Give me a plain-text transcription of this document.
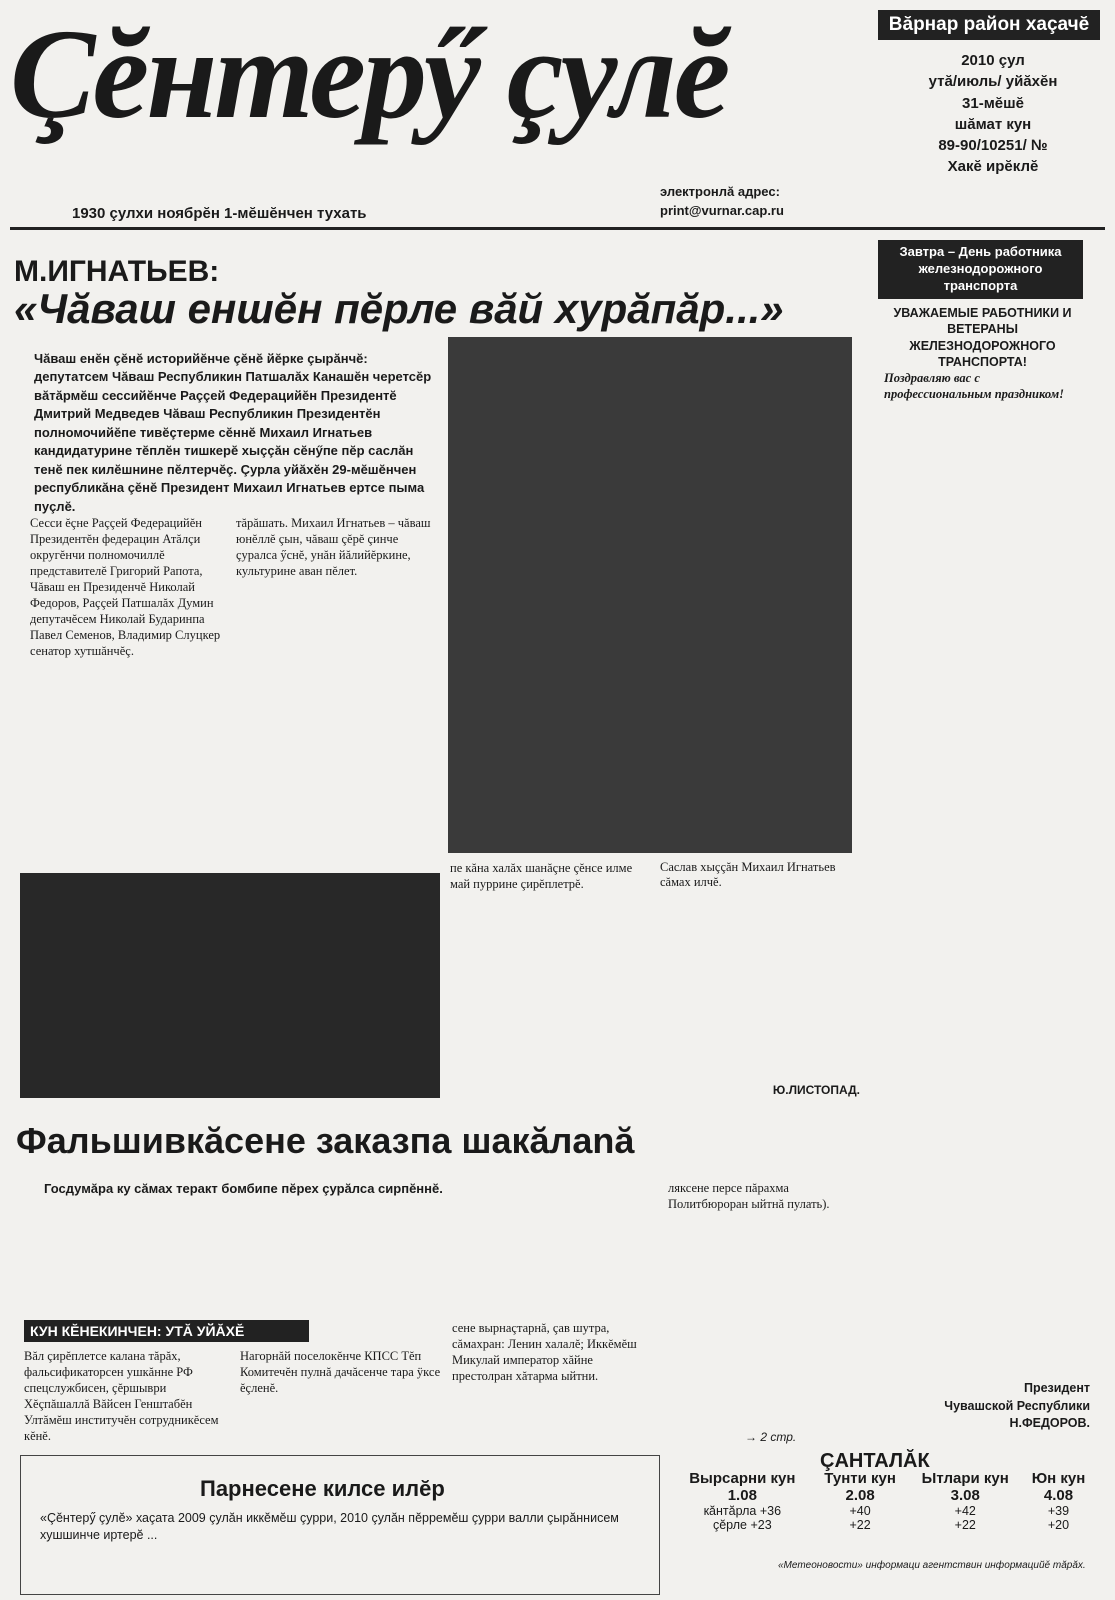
Çĕнтерӳ çулĕ
1930 çулхи ноябрĕн 1-мĕшĕнчен тухать
электронлă адрес:
print@vurnar.cap.ru
Вăрнар район хаçачĕ
2010 çул
утă/июль/ уйăхĕн
31-мĕшĕ
шăмат кун
89-90/10251/ №
Хакĕ ирĕклĕ
М.ИГНАТЬЕВ:
«Чăваш еншĕн пĕрле вăй хурăпăр...»
Чăваш енĕн çĕнĕ историйĕнче çĕнĕ йĕрке çырăнчĕ: депутатсем Чăваш Республикин Патшалăх Канашĕн черетсĕр вăтăрмĕш сессийĕнче Раççей Федерацийĕн Президентĕ Дмитрий Медведев Чăваш Республикин Президентĕн полномочийĕпе тивĕçтерме сĕннĕ Михаил Игнатьев кандидатурине тĕплĕн тишкерĕ хыççăн сĕнӳпе пĕр саслăн тенĕ пек килĕшнине пĕлтерчĕç. Çурла уйăхĕн 29-мĕшĕнчен республикăна çĕнĕ Президент Михаил Игнатьев ертсе пыма пуçлĕ.
Сесси ĕçне Раççей Федерацийĕн Президентĕн федерацин Атăлçи округĕнчи полномочиллĕ представителĕ Григорий Рапота, Чăваш ен Президенчĕ Николай Федоров, Раççей Патшалăх Думин депутачĕсем Николай Бударинпа Павел Семенов, Владимир Слуцкер сенатор хутшăнчĕç.
тăрăшать. Михаил Игнатьев – чăваш юнĕллĕ çын, чăваш çĕрĕ çинче çуралса ӳснĕ, унăн йăлийĕркине, культурине аван пĕлет.
пе кăна халăх шанăçне çĕнсе илме май пуррине çирĕплетрĕ.
Саслав хыççăн Михаил Игнатьев сăмах илчĕ.
Ю.ЛИСТОПАД.
Завтра – День работника железнодорожного транспорта
УВАЖАЕМЫЕ РАБОТНИКИ И ВЕТЕРАНЫ ЖЕЛЕЗНОДОРОЖНОГО ТРАНСПОРТА!
Поздравляю вас с профессиональным праздником!
Президент
Чувашской Республики
Н.ФЕДОРОВ.
Фальшивкăсене заказпа шакăлană
Госдумăра ку сăмах теракт бомбипе пĕрех çурăлса сирпĕннĕ.
КУН КĔНЕКИНЧЕН: УТĂ УЙĂХĔ
Вăл çирĕплетсе калана тăрăх, фальсификаторсен ушкăнне РФ спецслужбисен, çĕршыври Хĕçпăшаллă Вăйсен Генштабĕн Ултăмĕш институчĕн сотрудникĕсем кĕнĕ.
Нагорнăй поселокĕнче КПСС Тĕп Комитечĕн пулнă дачăсенче тара ÿксе ĕçленĕ.
сене вырнаçтарнă, çав шутра, сăмахран: Ленин халалĕ; Иккĕмĕш Микулай император хăйне престолран хăтарма ыйтни.
ляксене персе пăрахма Политбюроран ыйтнă пулать).
→ 2 стр.
Парнесене килсе илĕр
«Çĕнтерӳ çулĕ» хаçата 2009 çулăн иккĕмĕш çурри, 2010 çулăн пĕрремĕш çурри валли çырăннисем хушшинче иртерĕ ...
ÇАНТАЛĂК
Вырсарни кун	Тунти кун	Ытлари кун	Юн кун
1.08	2.08	3.08	4.08
кăнтăрла +36	+40	+42	+39
çĕрле +23	+22	+22	+20
«Метеоновости» информаци агентствин информацийĕ тăрăх.
